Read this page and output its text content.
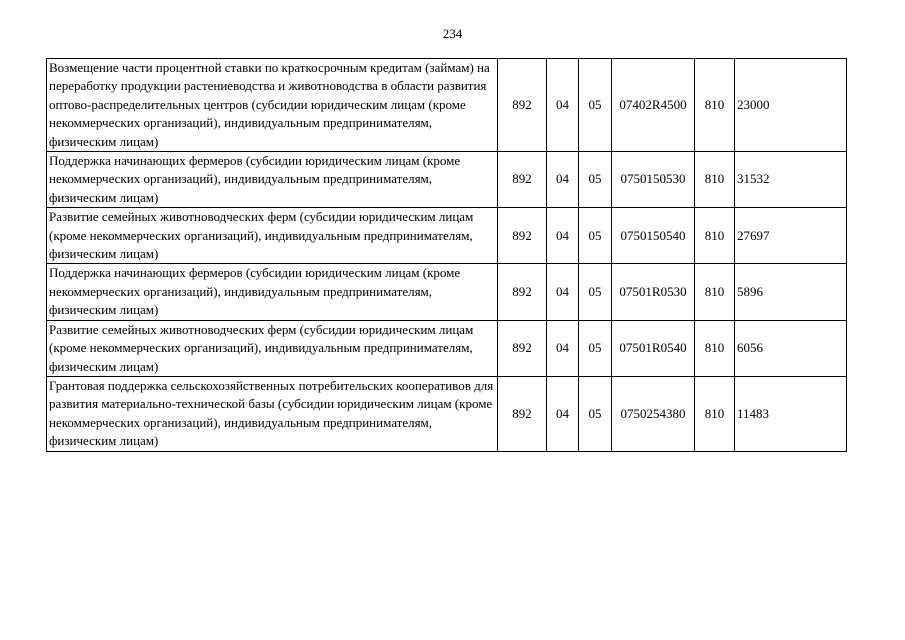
234
Возмещение части процентной ставки по краткосрочным кредитам (займам) на переработку продукции растениеводства и животноводства в области развития оптово-распределительных центров (субсидии юридическим лицам (кроме некоммерческих организаций), индивидуальным предпринимателям, физическим лицам)	892	04	05	07402R4500	810	23000
Поддержка начинающих фермеров (субсидии юридическим лицам (кроме некоммерческих организаций), индивидуальным предпринимателям, физическим лицам)	892	04	05	0750150530	810	31532
Развитие семейных животноводческих ферм (субсидии юридическим лицам (кроме некоммерческих организаций), индивидуальным предпринимателям, физическим лицам)	892	04	05	0750150540	810	27697
Поддержка начинающих фермеров (субсидии юридическим лицам (кроме некоммерческих организаций), индивидуальным предпринимателям, физическим лицам)	892	04	05	07501R0530	810	5896
Развитие семейных животноводческих ферм (субсидии юридическим лицам (кроме некоммерческих организаций), индивидуальным предпринимателям, физическим лицам)	892	04	05	07501R0540	810	6056
Грантовая поддержка сельскохозяйственных потребительских кооперативов для развития материально-технической базы (субсидии юридическим лицам (кроме некоммерческих организаций), индивидуальным предпринимателям, физическим лицам)	892	04	05	0750254380	810	11483
